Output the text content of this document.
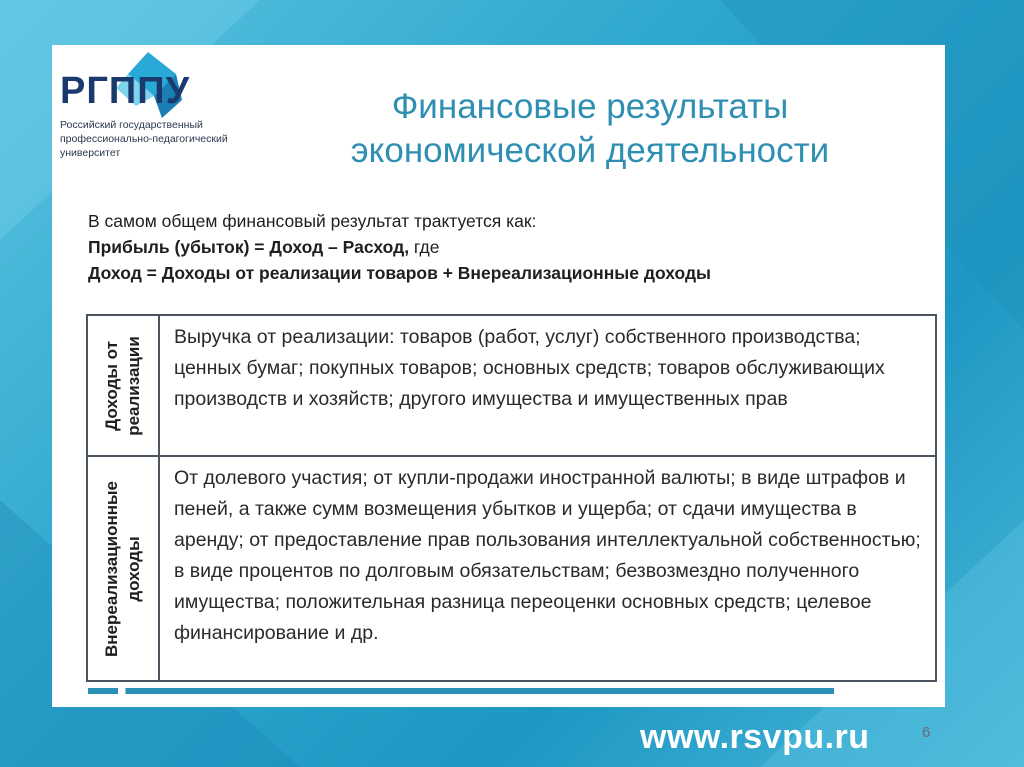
РГППУ
Российский государственный
профессионально-педагогический
университет
Финансовые результаты
экономической деятельности
В самом общем финансовый результат трактуется как:
Прибыль (убыток) = Доход – Расход, где
Доход = Доходы от реализации товаров + Внереализационные доходы
Доходы от реализации	Выручка от реализации: товаров (работ, услуг) собственного производства; ценных бумаг; покупных товаров; основных средств; товаров обслуживающих производств и хозяйств; другого имущества и имущественных прав

Внереализационные доходы	От долевого участия; от купли-продажи иностранной валюты; в виде штрафов и пеней, а также сумм возмещения убытков и ущерба; от сдачи имущества в аренду; от предоставление прав пользования интеллектуальной собственностью; в виде процентов по долговым обязательствам; безвозмездно полученного имущества; положительная разница переоценки основных средств; целевое финансирование и др.
6
www.rsvpu.ru
